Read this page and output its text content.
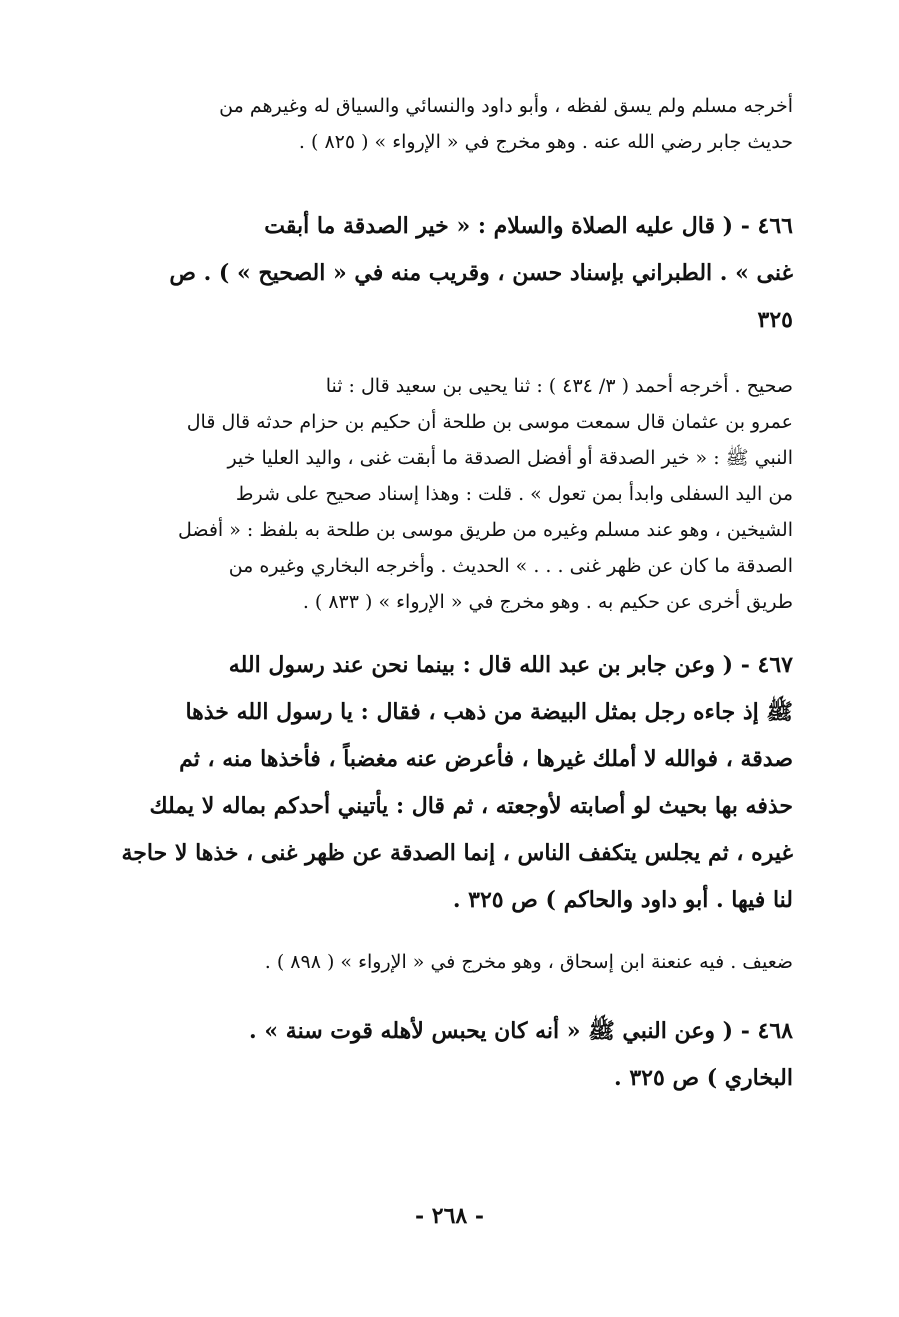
أخرجه مسلم ولم يسق لفظه ، وأبو داود والنسائي والسياق له وغيرهم من
حديث جابر رضي الله عنه . وهو مخرج في « الإرواء » ( ٨٢٥ ) .

٤٦٦ - ( قال عليه الصلاة والسلام : « خير الصدقة ما أبقت
غنى » . الطبراني بإسناد حسن ، وقريب منه في « الصحيح » ) . ص
٣٢٥

صحيح . أخرجه أحمد ( ٣/ ٤٣٤ ) : ثنا يحيى بن سعيد قال : ثنا
عمرو بن عثمان قال سمعت موسى بن طلحة أن حكيم بن حزام حدثه قال قال
النبي ﷺ : « خير الصدقة أو أفضل الصدقة ما أبقت غنى ، واليد العليا خير
من اليد السفلى وابدأ بمن تعول » . قلت : وهذا إسناد صحيح على شرط
الشيخين ، وهو عند مسلم وغيره من طريق موسى بن طلحة به بلفظ : « أفضل
الصدقة ما كان عن ظهر غنى . . . » الحديث . وأخرجه البخاري وغيره من
طريق أخرى عن حكيم به . وهو مخرج في « الإرواء » ( ٨٣٣ ) .

٤٦٧ - ( وعن جابر بن عبد الله قال : بينما نحن عند رسول الله
ﷺ إذ جاءه رجل بمثل البيضة من ذهب ، فقال : يا رسول الله خذها
صدقة ، فوالله لا أملك غيرها ، فأعرض عنه مغضباً ، فأخذها منه ، ثم
حذفه بها بحيث لو أصابته لأوجعته ، ثم قال : يأتيني أحدكم بماله لا يملك
غيره ، ثم يجلس يتكفف الناس ، إنما الصدقة عن ظهر غنى ، خذها لا حاجة
لنا فيها . أبو داود والحاكم ) ص ٣٢٥ .

ضعيف . فيه عنعنة ابن إسحاق ، وهو مخرج في « الإرواء » ( ٨٩٨ ) .

٤٦٨ - ( وعن النبي ﷺ « أنه كان يحبس لأهله قوت سنة » .
البخاري ) ص ٣٢٥ .

- ٢٦٨ -
